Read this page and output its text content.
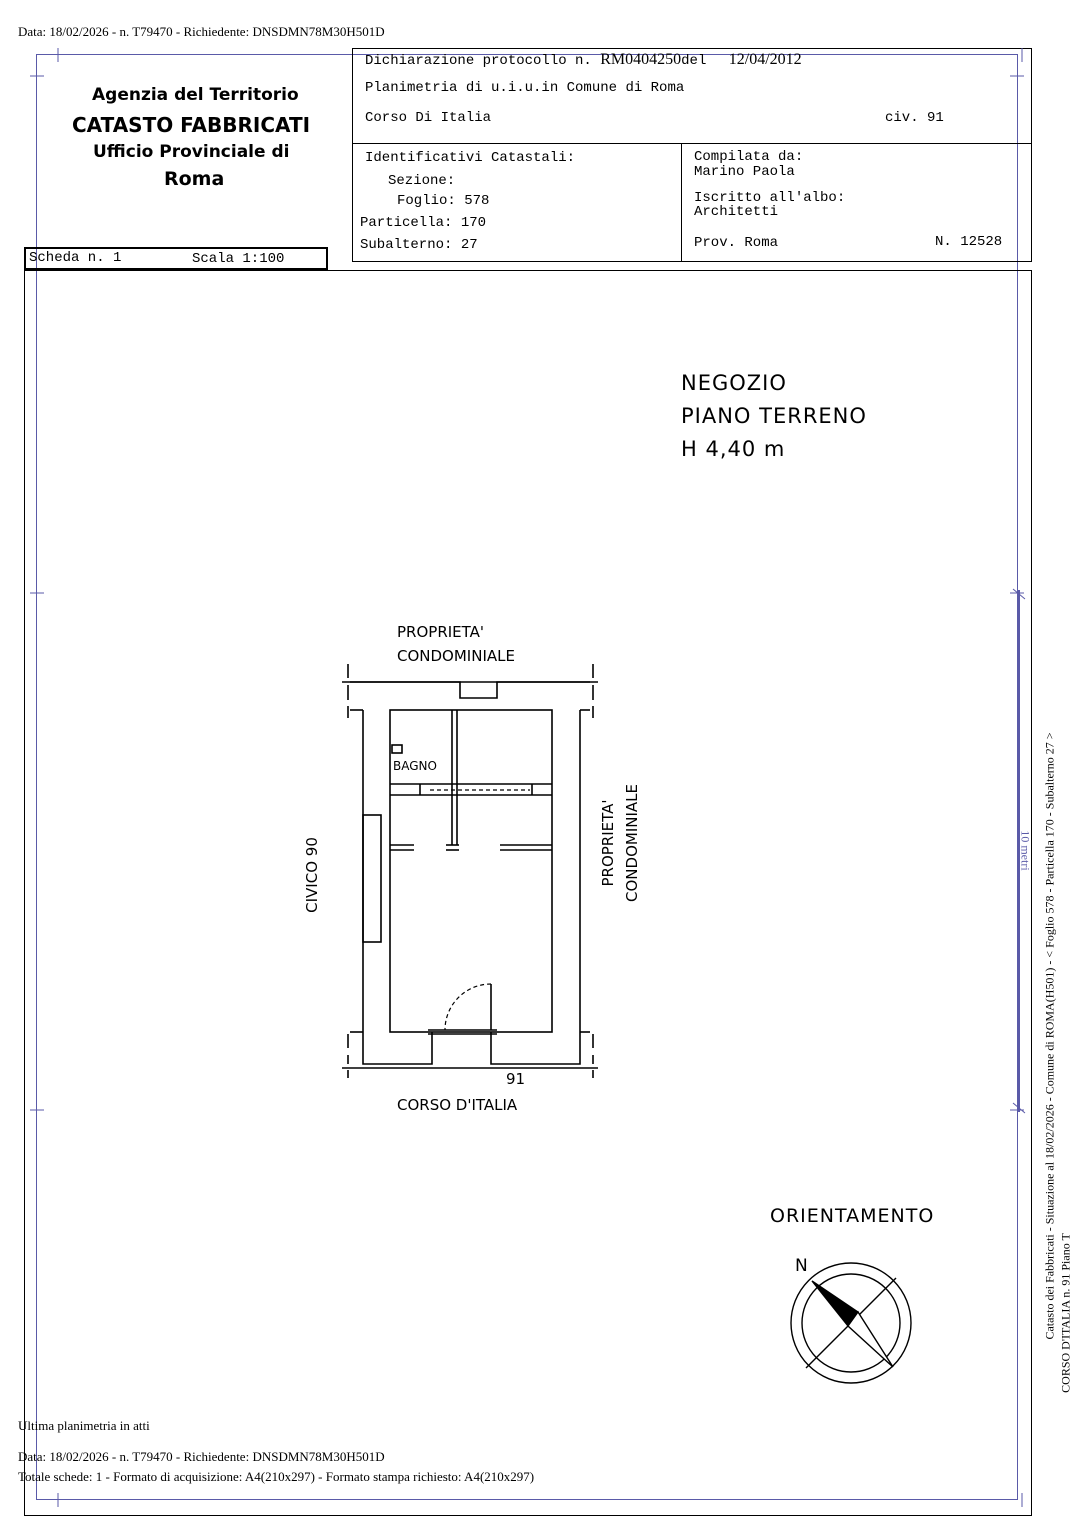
Data: 18/02/2026 - n. T79470 - Richiedente: DNSDMN78M30H501D
Agenzia del Territorio
CATASTO FABBRICATI
Ufficio Provinciale di
Roma
Scheda n. 1	Scala 1:100
Dichiarazione protocollo n. RM0404250del 12/04/2012
Planimetria di u.i.u.in Comune di Roma
Corso Di Italia	civ. 91
Identificativi Catastali:
Sezione:
Foglio: 578
Particella: 170
Subalterno: 27
Compilata da:
Marino Paola
Iscritto all'albo:
Architetti
Prov. Roma	N. 12528
NEGOZIO
PIANO TERRENO
H 4,40 m
PROPRIETA'
CONDOMINIALE
CIVICO 90	PROPRIETA' CONDOMINIALE
BAGNO
91
CORSO D'ITALIA
ORIENTAMENTO
N
10 metri Catasto dei Fabbricati - Situazione al 18/02/2026 - Comune di ROMA(H501) - < Foglio 578 - Particella 170 - Subalterno 27 > CORSO D'ITALIA n. 91 Piano T
Ultima planimetria in atti
Data: 18/02/2026 - n. T79470 - Richiedente: DNSDMN78M30H501D
Totale schede: 1 - Formato di acquisizione: A4(210x297) - Formato stampa richiesto: A4(210x297)
